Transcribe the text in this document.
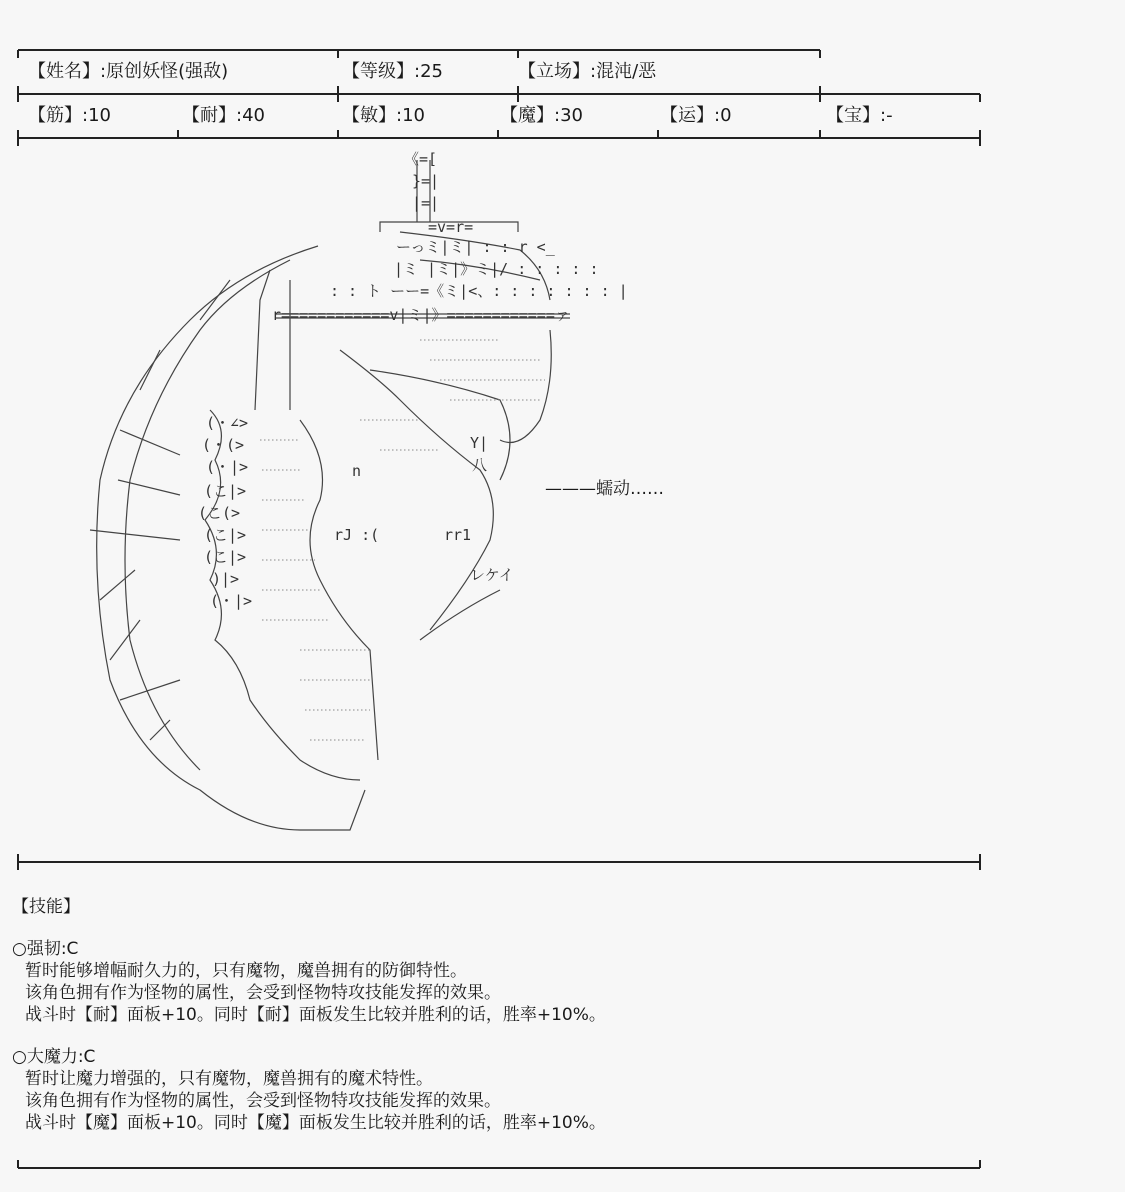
【姓名】:原创妖怪(强敌)	【等级】:25	【立场】:混沌/恶
【筋】:10	【耐】:40	【敏】:10	【魔】:30	【运】:0	【宝】:-
《=[
}=|
|=|
=v=r=
ーっミ|ミ| : : r <_
|ミ |ミ|》ミ|/ : : : : :
: : ト ーー=《ミ|<、: : : : : : : |
r============v|ミ|》============ァ
n
rJ :(	rr1
Y|
八
レケイ
(・∠>
(・(>
(・|>
(こ|>
(こ(>
(こ|>
(こ|>
)|>
(・|>
———蠕动……
【技能】
○强韧:C
暂时能够增幅耐久力的，只有魔物，魔兽拥有的防御特性。
该角色拥有作为怪物的属性，会受到怪物特攻技能发挥的效果。
战斗时【耐】面板+10。同时【耐】面板发生比较并胜利的话，胜率+10%。
○大魔力:C
暂时让魔力增强的，只有魔物，魔兽拥有的魔术特性。
该角色拥有作为怪物的属性，会受到怪物特攻技能发挥的效果。
战斗时【魔】面板+10。同时【魔】面板发生比较并胜利的话，胜率+10%。
